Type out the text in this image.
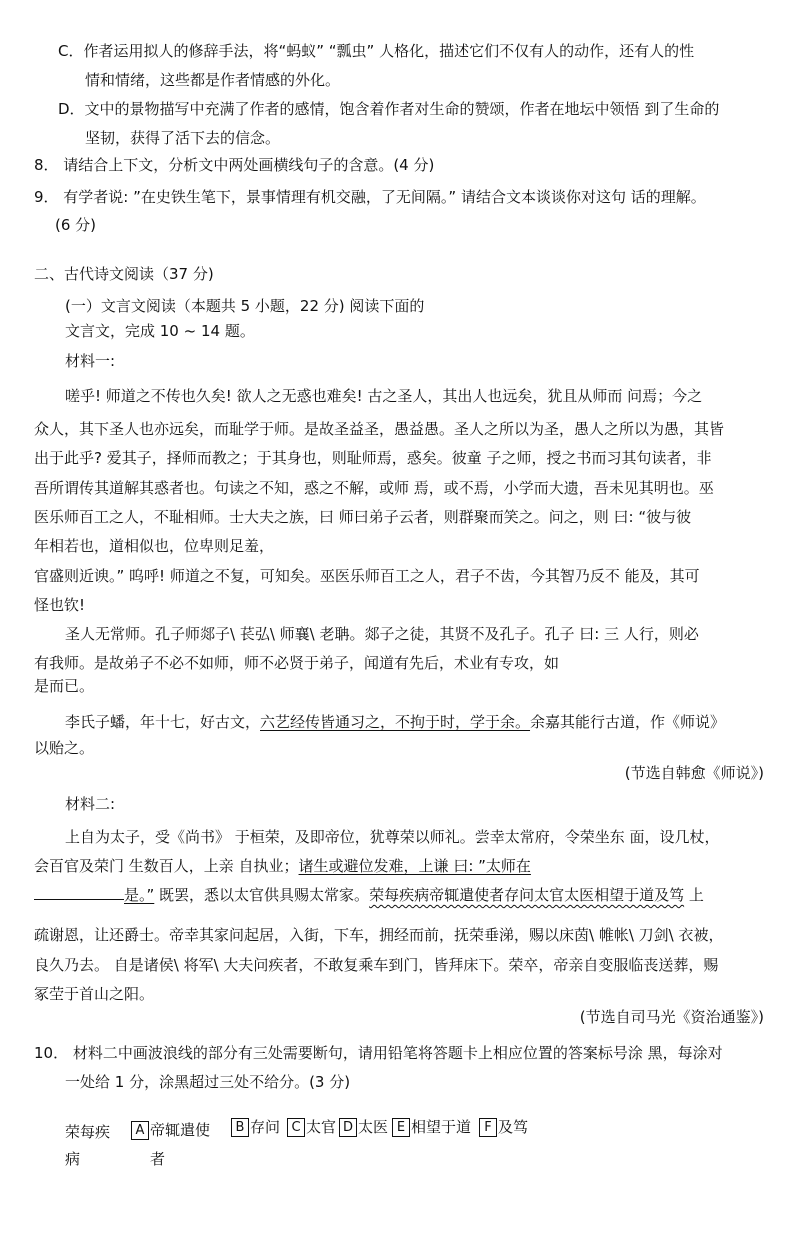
C．作者运用拟人的修辞手法，将“蚂蚁” “瓢虫” 人格化，描述它们不仅有人的动作，还有人的性
情和情绪，这些都是作者情感的外化。
D．文中的景物描写中充满了作者的感情，饱含着作者对生命的赞颂，作者在地坛中领悟 到了生命的
坚韧，获得了活下去的信念。
8． 请结合上下文，分析文中两处画横线句子的含意。(4 分)
9． 有学者说: ”在史铁生笔下，景事情理有机交融，了无间隔。” 请结合文本谈谈你对这句 话的理解。
(6 分)
二、古代诗文阅读（37 分)
(一）文言文阅读（本题共 5 小题，22 分) 阅读下面的
文言文，完成 10 ~ 14 题。
材料一:
嗟乎! 师道之不传也久矣! 欲人之无惑也难矣! 古之圣人，其出人也远矣，犹且从师而 问焉；今之
众人，其下圣人也亦远矣，而耻学于师。是故圣益圣，愚益愚。圣人之所以为圣，愚人之所以为愚，其皆
出于此乎? 爱其子，择师而教之；于其身也，则耻师焉，惑矣。彼童 子之师，授之书而习其句读者，非
吾所谓传其道解其惑者也。句读之不知，惑之不解，或师 焉，或不焉，小学而大遗，吾未见其明也。巫
医乐师百工之人，不耻相师。士大夫之族，曰 师曰弟子云者，则群聚而笑之。问之，则 曰: “彼与彼
年相若也，道相似也，位卑则足羞，
官盛则近谀。” 呜呼! 师道之不复，可知矣。巫医乐师百工之人，君子不齿，今其智乃反不 能及，其可
怪也钦!
圣人无常师。孔子师郯子\ 苌弘\ 师襄\ 老聃。郯子之徒，其贤不及孔子。孔子 曰: 三 人行，则必
有我师。是故弟子不必不如师，师不必贤于弟子，闻道有先后，术业有专攻，如
是而已。
李氏子蟠，年十七，好古文，六艺经传皆通习之，不拘于时，学于余。余嘉其能行古道，作《师说》
以贻之。
(节选自韩愈《师说》)
材料二:
上自为太子，受《尚书》 于桓荣，及即帝位，犹尊荣以师礼。尝幸太常府，令荣坐东 面，设几杖，
会百官及荣门 生数百人，上亲 自执业；诸生或避位发难，上谦 曰: ”太师在
是。” 既罢，悉以太官供具赐太常家。荣每疾病帝辄遣使者存问太官太医相望于道及笃 上
疏谢恩，让还爵士。帝幸其家问起居，入街，下车，拥经而前，抚荣垂涕，赐以床茵\ 帷帐\ 刀剑\ 衣被，
良久乃去。 自是诸侯\ 将军\ 大夫问疾者，不敢复乘车到门，皆拜床下。荣卒，帝亲自变服临丧送葬，赐
冢茔于首山之阳。
(节选自司马光《资治通鉴》)
10． 材料二中画波浪线的部分有三处需要断句，请用铅笔将答题卡上相应位置的答案标号涂 黑，每涂对
一处给 1 分，涂黑超过三处不给分。(3 分)
荣每疾
病
A 帝辄遣使
者
B 存问 C 太官 D 太医 E 相望于道	F 及笃
